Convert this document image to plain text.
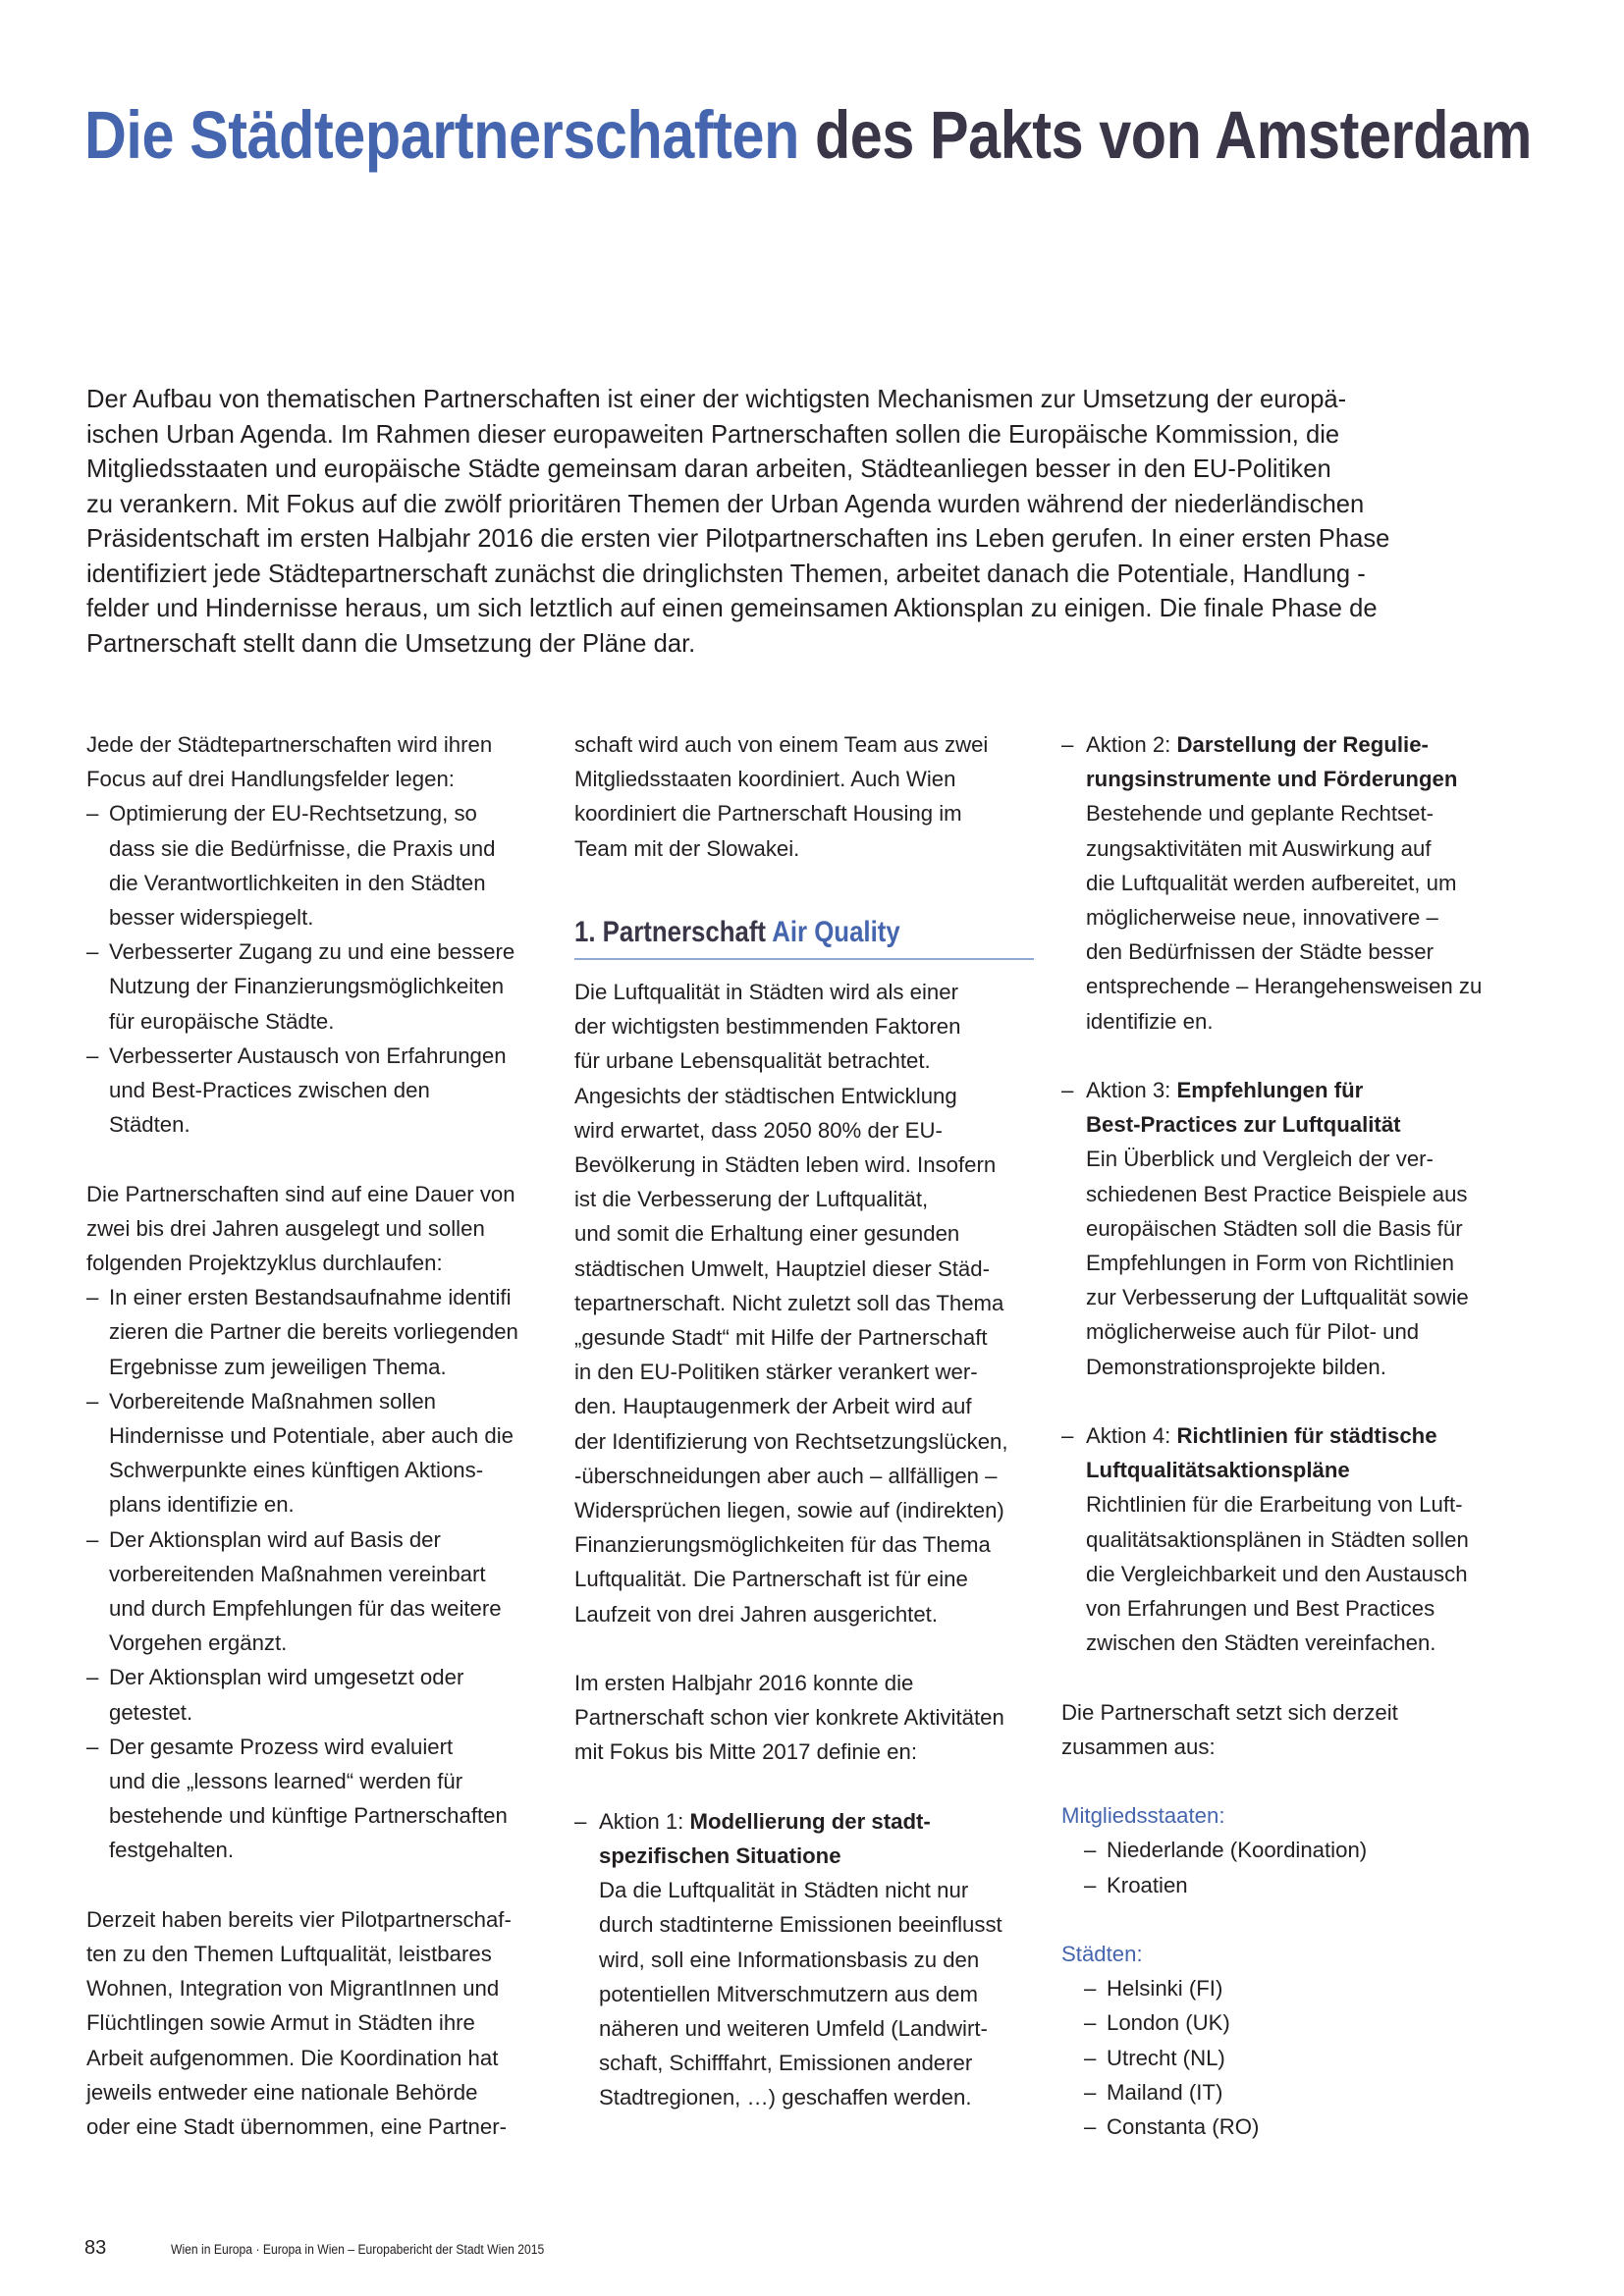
Die Städtepartnerschaften des Pakts von Amsterdam

Der Aufbau von thematischen Partnerschaften ist einer der wichtigsten Mechanismen zur Umsetzung der europä-

ischen Urban Agenda. Im Rahmen dieser europaweiten Partnerschaften sollen die Europäische Kommission, die

Mitgliedsstaaten und europäische Städte gemeinsam daran arbeiten, Städteanliegen besser in den EU-Politiken

zu verankern. Mit Fokus auf die zwölf prioritären Themen der Urban Agenda wurden während der niederländischen

Präsidentschaft im ersten Halbjahr 2016 die ersten vier Pilotpartnerschaften ins Leben gerufen. In einer ersten Phase

identifiziert jede Städtepartnerschaft zunächst die dringlichsten Themen, arbeitet danach die Potentiale, Handlung -

felder und Hindernisse heraus, um sich letztlich auf einen gemeinsamen Aktionsplan zu einigen. Die finale Phase de

Partnerschaft stellt dann die Umsetzung der Pläne dar.

Jede der Städtepartnerschaften wird ihren
Focus auf drei Handlungsfelder legen:
– Optimierung der EU-Rechtsetzung, so
dass sie die Bedürfnisse, die Praxis und
die Verantwortlichkeiten in den Städten
besser widerspiegelt.
– Verbesserter Zugang zu und eine bessere
Nutzung der Finanzierungsmöglichkeiten
für europäische Städte.
– Verbesserter Austausch von Erfahrungen
und Best-Practices zwischen den
Städten.
Die Partnerschaften sind auf eine Dauer von
zwei bis drei Jahren ausgelegt und sollen
folgenden Projektzyklus durchlaufen:
– In einer ersten Bestandsaufnahme identifi
zieren die Partner die bereits vorliegenden
Ergebnisse zum jeweiligen Thema.
– Vorbereitende Maßnahmen sollen
Hindernisse und Potentiale, aber auch die
Schwerpunkte eines künftigen Aktions-
plans identifizie en.
– Der Aktionsplan wird auf Basis der
vorbereitenden Maßnahmen vereinbart
und durch Empfehlungen für das weitere
Vorgehen ergänzt.
– Der Aktionsplan wird umgesetzt oder
getestet.
– Der gesamte Prozess wird evaluiert
und die „lessons learned“ werden für
bestehende und künftige Partnerschaften
festgehalten.
Derzeit haben bereits vier Pilotpartnerschaf-
ten zu den Themen Luftqualität, leistbares
Wohnen, Integration von MigrantInnen und
Flüchtlingen sowie Armut in Städten ihre
Arbeit aufgenommen. Die Koordination hat
jeweils entweder eine nationale Behörde
oder eine Stadt übernommen, eine Partner-
schaft wird auch von einem Team aus zwei
Mitgliedsstaaten koordiniert. Auch Wien
koordiniert die Partnerschaft Housing im
Team mit der Slowakei.
1. Partnerschaft Air Quality
Die Luftqualität in Städten wird als einer
der wichtigsten bestimmenden Faktoren
für urbane Lebensqualität betrachtet.
Angesichts der städtischen Entwicklung
wird erwartet, dass 2050 80% der EU-
Bevölkerung in Städten leben wird. Insofern
ist die Verbesserung der Luftqualität,
und somit die Erhaltung einer gesunden
städtischen Umwelt, Hauptziel dieser Städ-
tepartnerschaft. Nicht zuletzt soll das Thema
„gesunde Stadt“ mit Hilfe der Partnerschaft
in den EU-Politiken stärker verankert wer-
den. Hauptaugenmerk der Arbeit wird auf
der Identifizierung von Rechtsetzungslücken,
-überschneidungen aber auch – allfälligen –
Widersprüchen liegen, sowie auf (indirekten)
Finanzierungsmöglichkeiten für das Thema
Luftqualität. Die Partnerschaft ist für eine
Laufzeit von drei Jahren ausgerichtet.
Im ersten Halbjahr 2016 konnte die
Partnerschaft schon vier konkrete Aktivitäten
mit Fokus bis Mitte 2017 definie en:
– Aktion 1: Modellierung der stadt-
spezifischen Situatione
Da die Luftqualität in Städten nicht nur
durch stadtinterne Emissionen beeinflusst
wird, soll eine Informationsbasis zu den
potentiellen Mitverschmutzern aus dem
näheren und weiteren Umfeld (Landwirt-
schaft, Schifffahrt, Emissionen anderer
Stadtregionen, …) geschaffen werden.
– Aktion 2: Darstellung der Regulie-
rungsinstrumente und Förderungen
Bestehende und geplante Rechtset-
zungsaktivitäten mit Auswirkung auf
die Luftqualität werden aufbereitet, um
möglicherweise neue, innovativere –
den Bedürfnissen der Städte besser
entsprechende – Herangehensweisen zu
identifizie en.
– Aktion 3: Empfehlungen für
Best-Practices zur Luftqualität
Ein Überblick und Vergleich der ver-
schiedenen Best Practice Beispiele aus
europäischen Städten soll die Basis für
Empfehlungen in Form von Richtlinien
zur Verbesserung der Luftqualität sowie
möglicherweise auch für Pilot- und
Demonstrationsprojekte bilden.
– Aktion 4: Richtlinien für städtische
Luftqualitätsaktionspläne
Richtlinien für die Erarbeitung von Luft-
qualitätsaktionsplänen in Städten sollen
die Vergleichbarkeit und den Austausch
von Erfahrungen und Best Practices
zwischen den Städten vereinfachen.
Die Partnerschaft setzt sich derzeit
zusammen aus:
Mitgliedsstaaten:
– Niederlande (Koordination)
– Kroatien
Städten:
– Helsinki (FI)
– London (UK)
– Utrecht (NL)
– Mailand (IT)
– Constanta (RO)
83	Wien in Europa · Europa in Wien – Europabericht der Stadt Wien 2015
